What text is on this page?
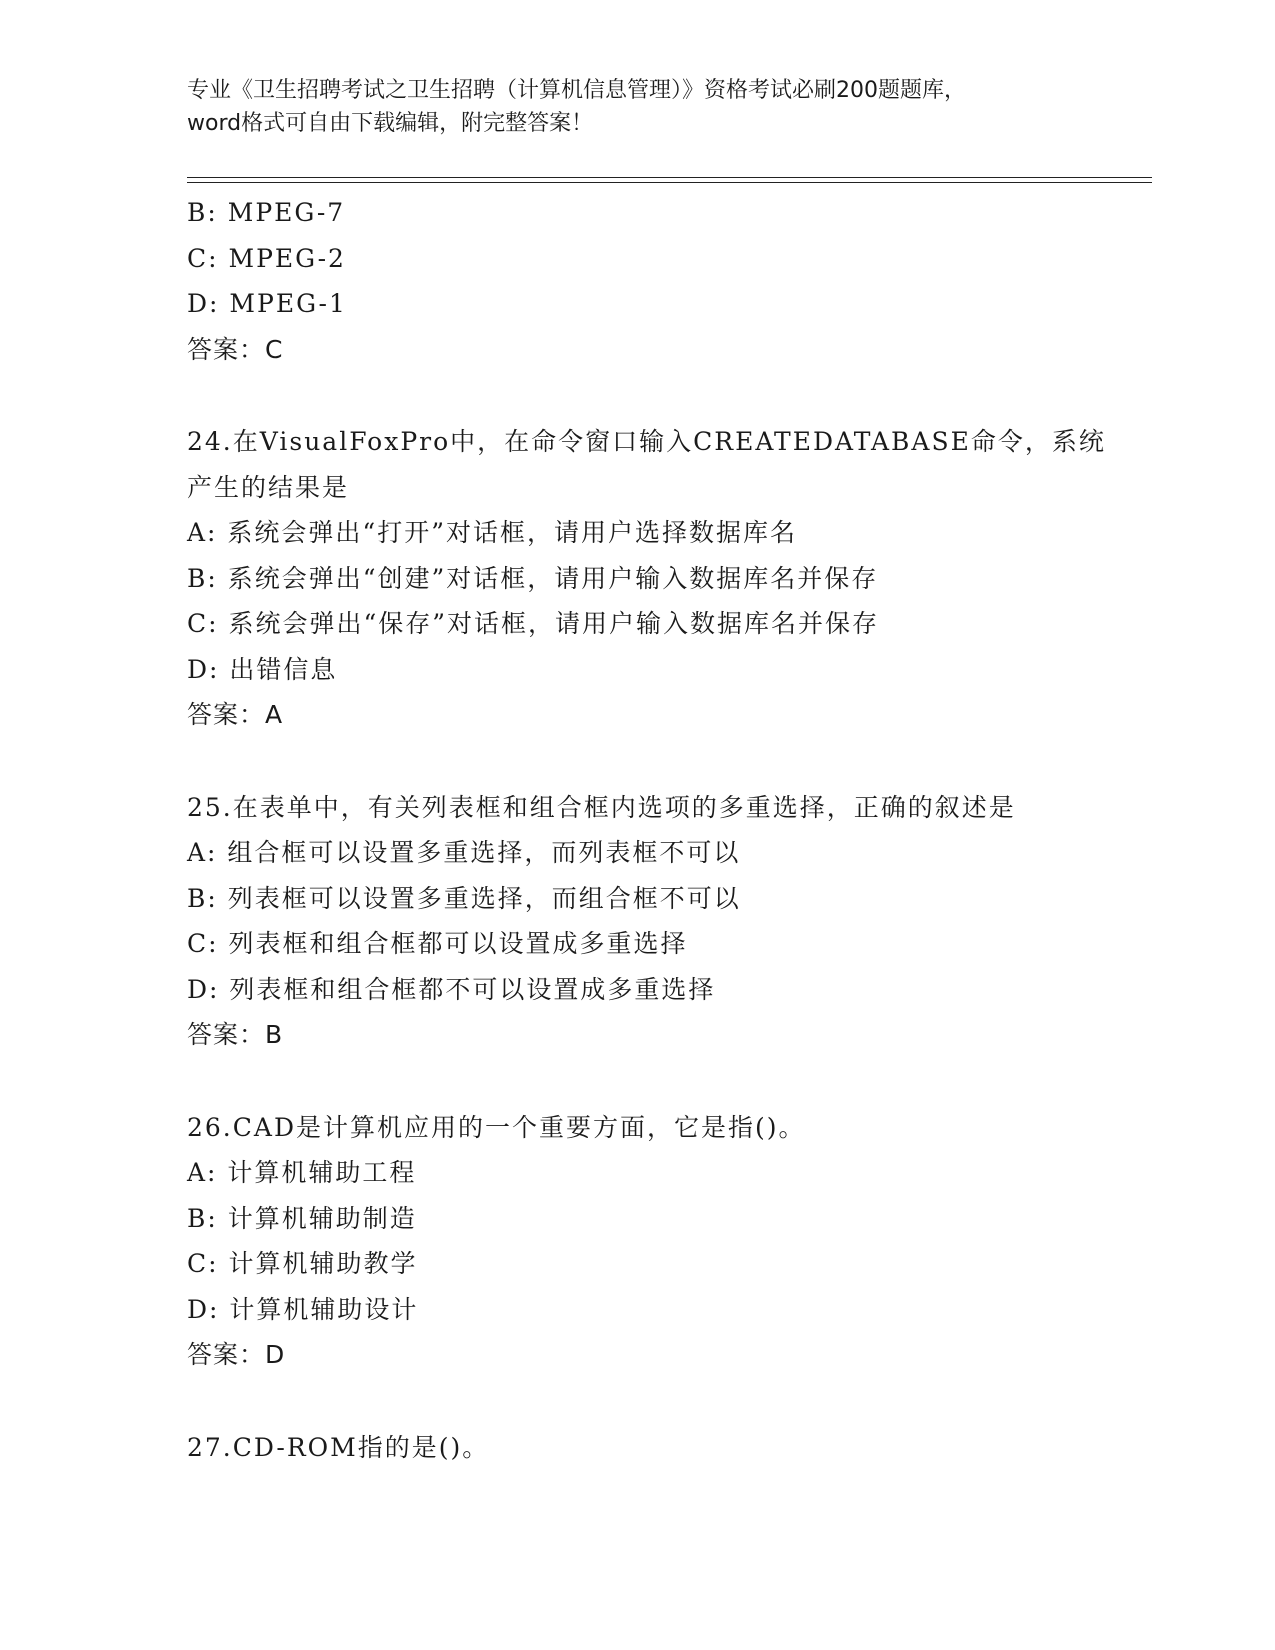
专业《卫生招聘考试之卫生招聘（计算机信息管理）》资格考试必刷200题题库，
word格式可自由下载编辑，附完整答案！
B: MPEG-7
C: MPEG-2
D: MPEG-1
答案：C
24.在VisualFoxPro中，在命令窗口输入CREATEDATABASE命令，系统
产生的结果是
A: 系统会弹出“打开”对话框，请用户选择数据库名
B: 系统会弹出“创建”对话框，请用户输入数据库名并保存
C: 系统会弹出“保存”对话框，请用户输入数据库名并保存
D: 出错信息
答案：A
25.在表单中，有关列表框和组合框内选项的多重选择，正确的叙述是
A: 组合框可以设置多重选择，而列表框不可以
B: 列表框可以设置多重选择，而组合框不可以
C: 列表框和组合框都可以设置成多重选择
D: 列表框和组合框都不可以设置成多重选择
答案：B
26.CAD是计算机应用的一个重要方面，它是指()。
A: 计算机辅助工程
B: 计算机辅助制造
C: 计算机辅助教学
D: 计算机辅助设计
答案：D
27.CD-ROM指的是()。
